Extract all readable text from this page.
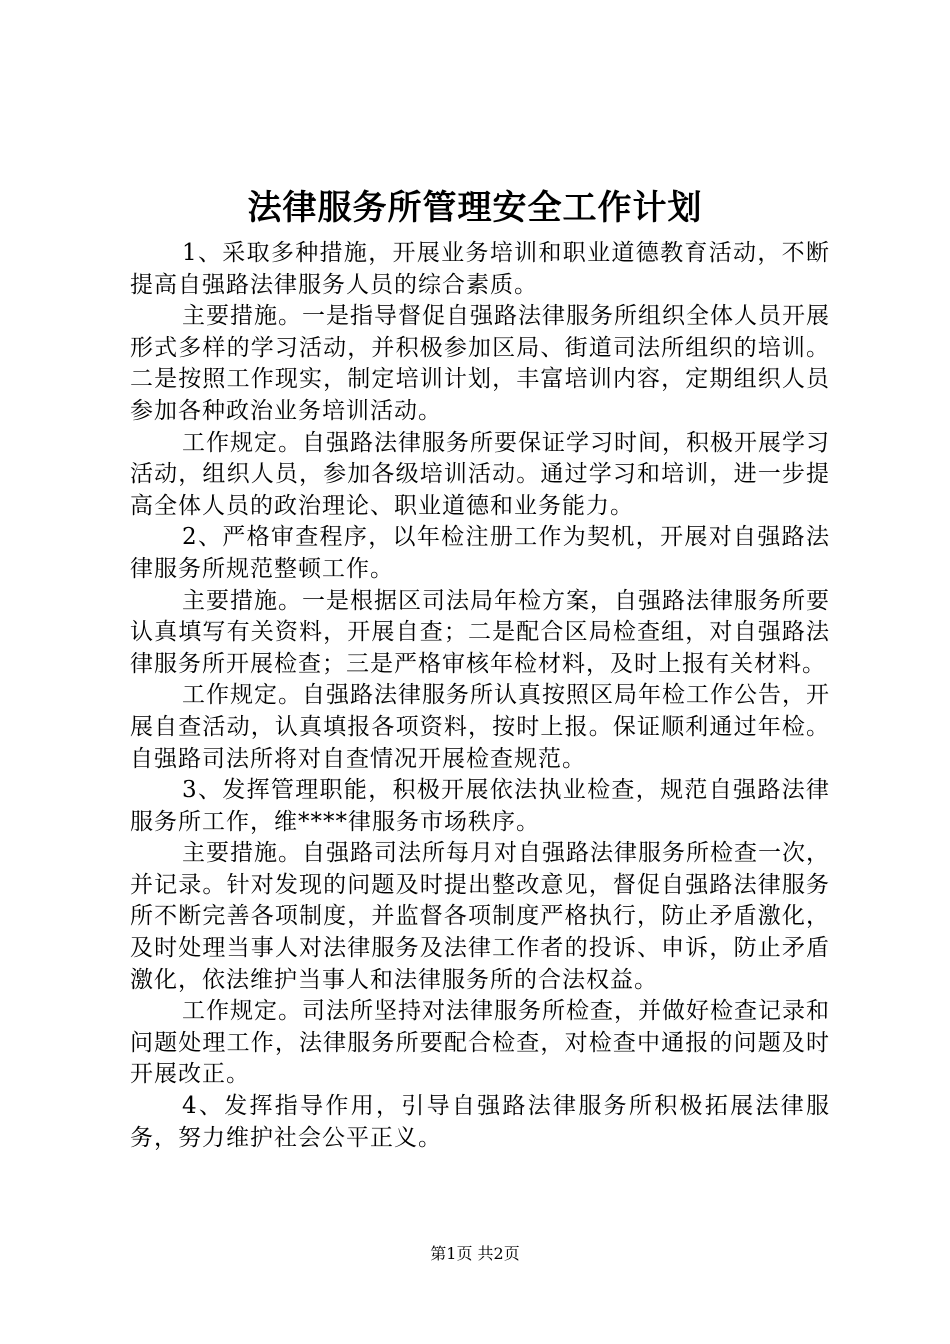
法律服务所管理安全工作计划

1、采取多种措施，开展业务培训和职业道德教育活动，不断提高自强路法律服务人员的综合素质。

主要措施。一是指导督促自强路法律服务所组织全体人员开展形式多样的学习活动，并积极参加区局、街道司法所组织的培训。二是按照工作现实，制定培训计划，丰富培训内容，定期组织人员参加各种政治业务培训活动。

工作规定。自强路法律服务所要保证学习时间，积极开展学习活动，组织人员，参加各级培训活动。通过学习和培训，进一步提高全体人员的政治理论、职业道德和业务能力。

2、严格审查程序，以年检注册工作为契机，开展对自强路法律服务所规范整顿工作。

主要措施。一是根据区司法局年检方案，自强路法律服务所要认真填写有关资料，开展自查；二是配合区局检查组，对自强路法律服务所开展检查；三是严格审核年检材料，及时上报有关材料。

工作规定。自强路法律服务所认真按照区局年检工作公告，开展自查活动，认真填报各项资料，按时上报。保证顺利通过年检。自强路司法所将对自查情况开展检查规范。

3、发挥管理职能，积极开展依法执业检查，规范自强路法律服务所工作，维****律服务市场秩序。

主要措施。自强路司法所每月对自强路法律服务所检查一次，并记录。针对发现的问题及时提出整改意见，督促自强路法律服务所不断完善各项制度，并监督各项制度严格执行，防止矛盾激化，及时处理当事人对法律服务及法律工作者的投诉、申诉，防止矛盾激化，依法维护当事人和法律服务所的合法权益。

工作规定。司法所坚持对法律服务所检查，并做好检查记录和问题处理工作，法律服务所要配合检查，对检查中通报的问题及时开展改正。

4、发挥指导作用，引导自强路法律服务所积极拓展法律服务，努力维护社会公平正义。

第1页 共2页
